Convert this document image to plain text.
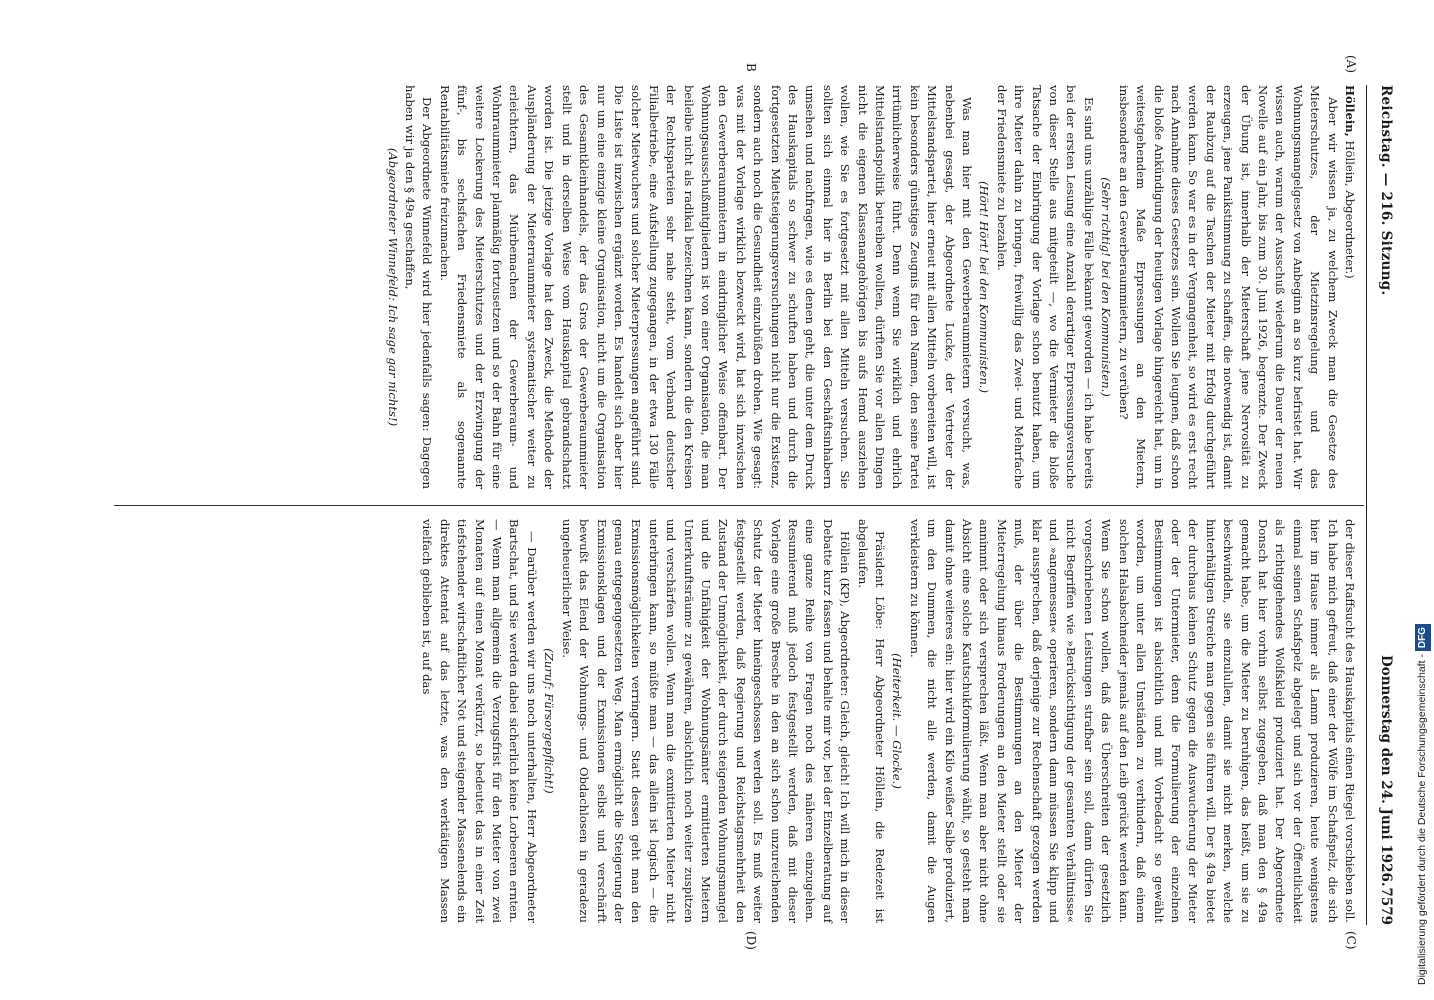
Reichstag. — 216. Sitzung.
Donnerstag den 24. Juni 1926.
7579
(A)
B
(C)
(D)

Höllein, Höllein, Abgeordneter.)

Aber wir wissen ja, zu welchem Zweck man die Gesetze des Mieterschutzes, der Mietzinsregelung und das Wohnungsmangelgesetz von Anbeginn an so kurz befristet hat. Wir wissen auch, warum der Ausschuß wiederum die Dauer der neuen Novelle auf ein Jahr, bis zum 30. Juni 1926, begrenzte. Der Zweck der Übung ist, innerhalb der Mieterschaft jene Nervosität zu erzeugen, jene Panikstimmung zu schaffen, die notwendig ist, damit der Raubzug auf die Taschen der Mieter mit Erfolg durchgeführt werden kann. So war es in der Vergangenheit, so wird es erst recht nach Annahme dieses Gesetzes sein. Wollen Sie leugnen, daß schon die bloße Ankündigung der heutigen Vorlage hingereicht hat, um in weitestgehendem Maße Erpressungen an den Mietern, insbesondere an den Gewerberaummietern, zu verüben?

(Sehr richtig! bei den Kommunisten.)

Es sind uns unzählige Fälle bekannt geworden — ich habe bereits bei der ersten Lesung eine Anzahl derartiger Erpressungsversuche von dieser Stelle aus mitgeteilt —, wo die Vermieter die bloße Tatsache der Einbringung der Vorlage schon benutzt haben, um ihre Mieter dahin zu bringen, freiwillig das Zwei- und Mehrfache der Friedensmiete zu bezahlen.

(Hört! Hört! bei den Kommunisten.)

Was man hier mit den Gewerberaummietern versucht, was, nebenbei gesagt, der Abgeordnete Lucke, der Vertreter der Mittelstandspartei, hier erneut mit allen Mitteln vorbereiten will, ist kein besonders günstiges Zeugnis für den Namen, den seine Partei irrtümlicherweise führt. Denn wenn Sie wirklich und ehrlich Mittelstandspolitik betreiben wollten, dürften Sie vor allen Dingen nicht die eigenen Klassenangehörigen bis aufs Hemd ausziehen wollen, wie Sie es fortgesetzt mit allen Mitteln versuchen. Sie sollten sich einmal hier in Berlin bei den Geschäftsinhabern umsehen und nachfragen, wie es denen geht, die unter dem Druck des Hauskapitals so schwer zu schuften haben und durch die fortgesetzten Mietsteigerungsversuchungen nicht nur die Existenz, sondern auch noch die Gesundheit einzubüßen drohen. Wie gesagt: was mit der Vorlage wirklich bezweckt wird, hat sich inzwischen den Gewerberaummietern in eindringlicher Weise offenbart. Der Wohnungsausschußmitgliedern ist von einer Organisation, die man beileibe nicht als radikal bezeichnen kann, sondern die den Kreisen der Rechtsparteien sehr nahe steht, vom Verband deutscher Filialbetriebe, eine Aufstellung zugegangen, in der etwa 130 Fälle solcher Mietwuchers und solcher Mieterpressungen angeführt sind. Die Liste ist inzwischen ergänzt worden. Es handelt sich aber hier nur um eine einzige kleine Organisation, nicht um die Organisation des Gesamtkleinhandels, der das Gros der Gewerberaummieter stellt und in derselben Weise vom Hauskapital gebrandschatzt worden ist. Die jetzige Vorlage hat den Zweck, die Methode der Auspländerung der Mieterraummieter systematischer weiter zu erleichtern, das Mürbemachen der Gewerberaum- und Wohnraummieter planmäßig fortzusetzen und so der Bahn für eine weitere Lockerung des Mieterschutzes und der Erzwingung der fünf-, bis sechsfachen Friedensmiete als sogenannte Rentabilitätsmiete freizumachen.

Der Abgeordnete Winnefeld wird hier jedenfalls sagen: Dagegen haben wir ja den § 49a geschaffen,

(Abgeordneter Winnefeld: Ich sage gar nichts!)

der dieser Raffsucht des Hauskapitals einen Riegel vorschieben soll. Ich habe mich gefreut, daß einer der Wölfe im Schafspelz, die sich hier im Hause immer als Lamm produzieren, heute wenigstens einmal seinen Schafspelz abgelegt und sich vor der Öffentlichkeit als richtiggehendes Wolfskleid produziert hat. Der Abgeordnete Donsch hat hier vorhin selbst zugegeben, daß man den § 49a gemacht habe, um die Mieter zu beruhigen, das heißt, um sie zu beschwindeln, sie einzulullen, damit sie nicht merken, welche hinterhältigen Streiche man gegen sie führen will. Der § 49a bietet der durchaus keinen Schutz gegen die Auswucherung der Mieter oder der Untermieter, denn die Formulierung der einzelnen Bestimmungen ist absichtlich und mit Vorbedacht so gewählt worden, um unter allen Umständen zu verhindern, daß einem solchen Halsabschneider jemals auf den Leib gerückt werden kann. Wenn Sie schon wollen, daß das Überschreiten der gesetzlich vorgeschriebenen Leistungen strafbar sein soll, dann dürfen Sie nicht Begriffen wie »Berücksichtigung der gesamten Verhältnisse« und »angemessen« operieren, sondern dann müssen Sie klipp und klar aussprechen, daß derjenige zur Rechenschaft gezogen werden muß, der über die Bestimmungen an den Mieter der Mieterregelung hinaus Forderungen an den Mieter stellt oder sie annimmt oder sich versprechen läßt. Wenn man aber nicht ohne Absicht eine solche Kautschukformulierung wählt, so gesteht man damit ohne weiteres ein: hier wird ein Kilo weißer Salbe produziert, um den Dummen, die nicht alle werden, damit die Augen verkleistern zu können.

(Heiterkeit. — Glocke.)

Präsident Löbe: Herr Abgeordneter Höllein, die Redezeit ist abgelaufen.

Höllein (KP), Abgeordneter: Gleich, gleich! Ich will mich in dieser Debatte kurz fassen und behalte mir vor, bei der Einzelberatung auf eine ganze Reihe von Fragen noch des näheren einzugehen. Resumierend muß jedoch festgestellt werden, daß mit dieser Vorlage eine große Bresche in den an sich schon unzureichenden Schutz der Mieter hineingeschossen werden soll. Es muß weiter festgestellt werden, daß Regierung und Reichstagsmehrheit den Zustand der Unmöglichkeit, der durch steigenden Wohnungsmangel und die Unfähigkeit der Wohnungsämter ermittierten Mietern Unterkunftsräume zu gewähren, absichtlich noch weiter zuspitzen und verschärfen wollen. Wenn man die exmittierten Mieter nicht unterbringen kann, so müßte man — das allein ist logisch — die Exmissionsmöglichkeiten verringern. Statt dessen geht man den genau entgegengesetzten Weg. Man ermöglicht die Steigerung der Exmissionsklagen und der Exmissionen selbst und verschärft bewußt das Elend der Wohnungs- und Obdachlosen in geradezu ungeheuerlicher Weise.

(Zuruf: Fürsorgepflicht!)

— Darüber werden wir uns noch unterhalten, Herr Abgeordneter Bartschat, und Sie werden dabei sicherlich keine Lorbeeren ernten. — Wenn man allgemein die Verzugsfrist für den Mieter von zwei Monaten auf einen Monat verkürzt, so bedeutet das in einer Zeit tiefstehender wirtschaftlicher Not und steigender Massenelends ein direktes Attentat auf das letzte, was den werktätigen Massen vielfach geblieben ist, auf das

Digitalisierung gefördert durch die Deutsche Forschungsgemeinschaft - DFG
